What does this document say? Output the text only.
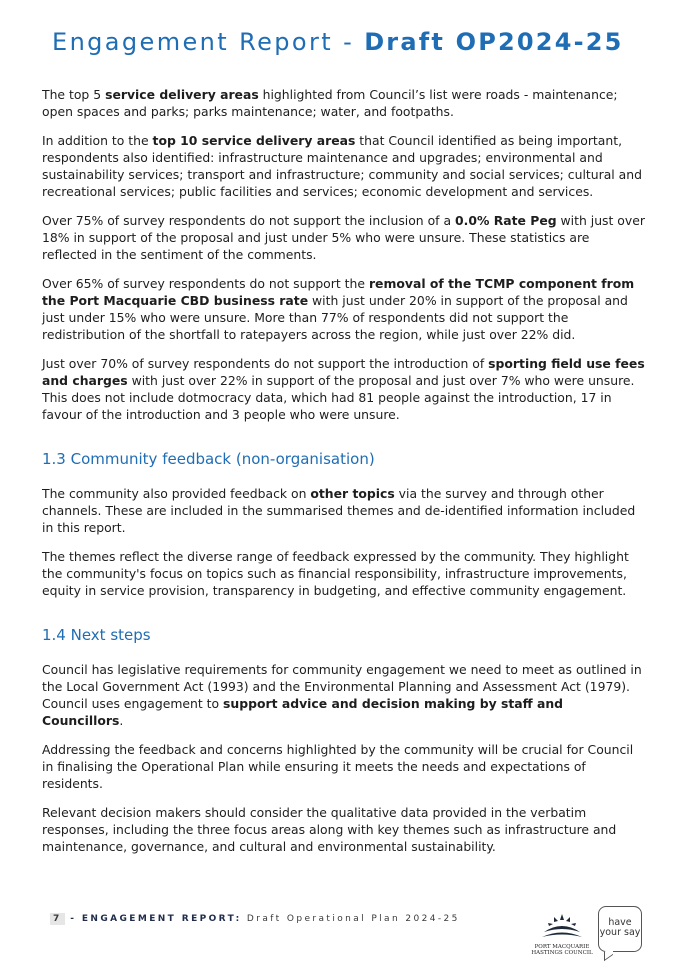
Engagement Report - Draft OP2024-25

The top 5 service delivery areas highlighted from Council’s list were roads - maintenance; open spaces and parks; parks maintenance; water, and footpaths.

In addition to the top 10 service delivery areas that Council identified as being important, respondents also identified: infrastructure maintenance and upgrades; environmental and sustainability services; transport and infrastructure; community and social services; cultural and recreational services; public facilities and services; economic development and services.

Over 75% of survey respondents do not support the inclusion of a 0.0% Rate Peg with just over 18% in support of the proposal and just under 5% who were unsure. These statistics are reflected in the sentiment of the comments.

Over 65% of survey respondents do not support the removal of the TCMP component from the Port Macquarie CBD business rate with just under 20% in support of the proposal and just under 15% who were unsure. More than 77% of respondents did not support the redistribution of the shortfall to ratepayers across the region, while just over 22% did.

Just over 70% of survey respondents do not support the introduction of sporting field use fees and charges with just over 22% in support of the proposal and just over 7% who were unsure. This does not include dotmocracy data, which had 81 people against the introduction, 17 in favour of the introduction and 3 people who were unsure.

1.3 Community feedback (non-organisation)

The community also provided feedback on other topics via the survey and through other channels. These are included in the summarised themes and de-identified information included in this report.

The themes reflect the diverse range of feedback expressed by the community. They highlight the community's focus on topics such as financial responsibility, infrastructure improvements, equity in service provision, transparency in budgeting, and effective community engagement.

1.4 Next steps

Council has legislative requirements for community engagement we need to meet as outlined in the Local Government Act (1993) and the Environmental Planning and Assessment Act (1979). Council uses engagement to support advice and decision making by staff and Councillors.

Addressing the feedback and concerns highlighted by the community will be crucial for Council in finalising the Operational Plan while ensuring it meets the needs and expectations of residents.

Relevant decision makers should consider the qualitative data provided in the verbatim responses, including the three focus areas along with key themes such as infrastructure and maintenance, governance, and cultural and environmental sustainability.

7 - ENGAGEMENT REPORT: Draft Operational Plan 2024-25
PORT MACQUARIE
HASTINGS COUNCIL
have
your say
